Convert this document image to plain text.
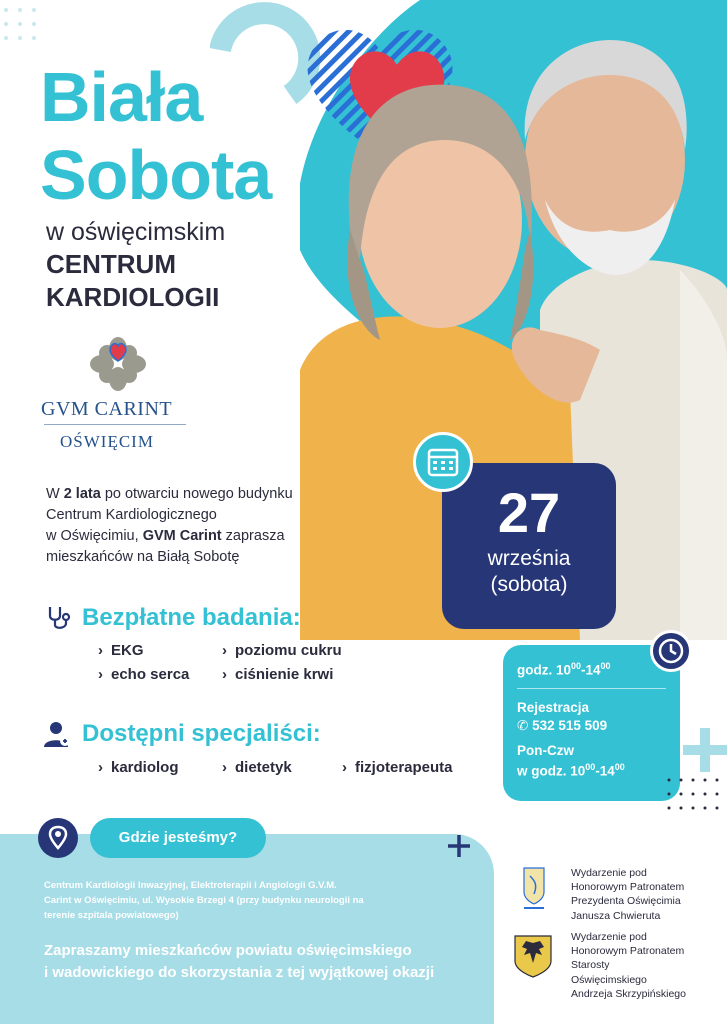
Biała
Sobota
w oświęcimskim
CENTRUM
KARDIOLOGII
GVM CARINT
OŚWIĘCIM
W 2 lata po otwarciu nowego budynku
Centrum Kardiologicznego
w Oświęcimiu, GVM Carint zaprasza
mieszkańców na Białą Sobotę
27
września
(sobota)
Bezpłatne badania:
› EKG	› poziomu cukru
› echo serca	› ciśnienie krwi
Dostępni specjaliści:
› kardiolog	› dietetyk	› fizjoterapeuta
godz. $10^{00}-14^{00}$
Rejestracja
✆ 532 515 509
Pon-Czw
w godz. $10^{00}-14^{00}$
Gdzie jesteśmy?
Centrum Kardiologii Inwazyjnej, Elektroterapii i Angiologii G.V.M.
Carint w Oświęcimiu, ul. Wysokie Brzegi 4 (przy budynku neurologii na
terenie szpitala powiatowego)
Zapraszamy mieszkańców powiatu oświęcimskiego
i wadowickiego do skorzystania z tej wyjątkowej okazji
Wydarzenie pod
Honorowym Patronatem
Prezydenta Oświęcimia
Janusza Chwieruta
Wydarzenie pod
Honorowym Patronatem
Starosty
Oświęcimskiego
Andrzeja Skrzypińskiego
